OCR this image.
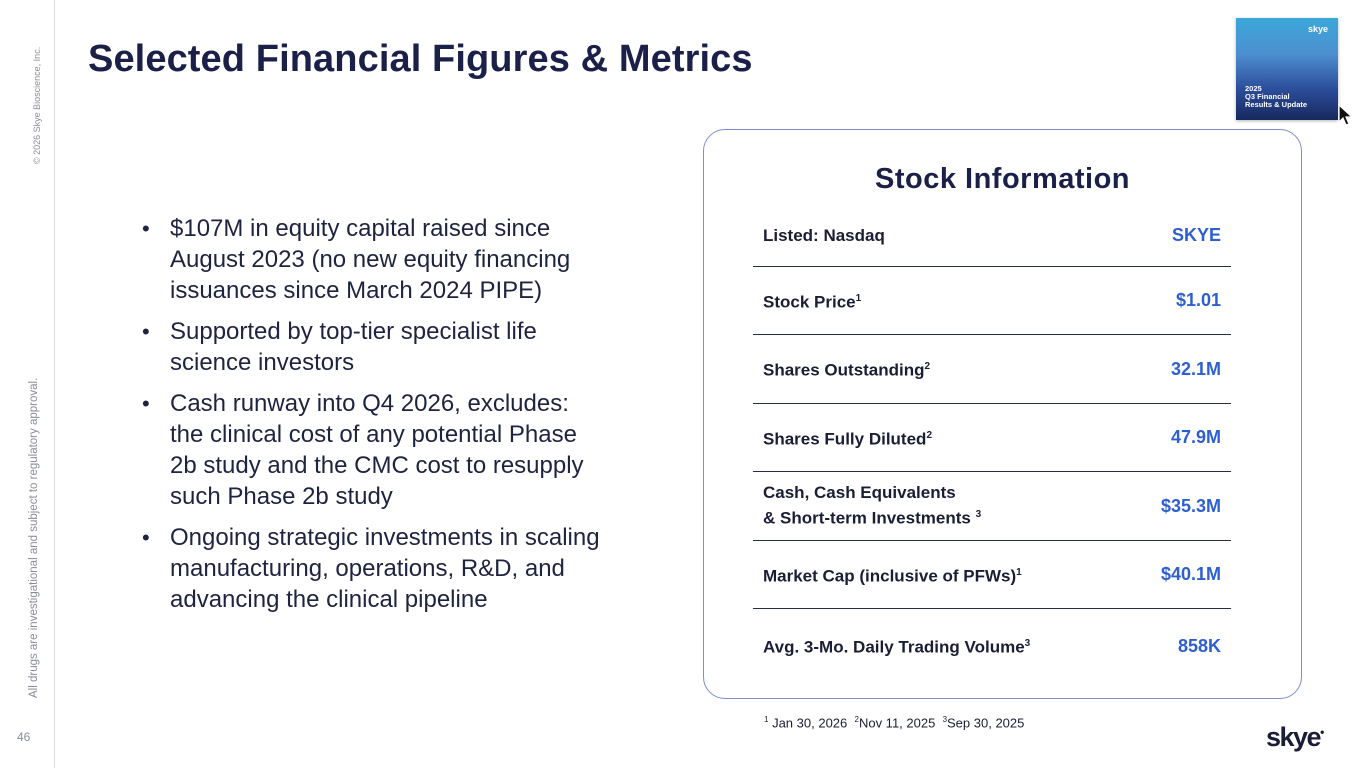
© 2026 Skye Bioscience, Inc.
All drugs are investigational and subject to regulatory approval.
46
Selected Financial Figures & Metrics
• $107M in equity capital raised since August 2023 (no new equity financing issuances since March 2024 PIPE)
• Supported by top-tier specialist life science investors
• Cash runway into Q4 2026, excludes: the clinical cost of any potential Phase 2b study and the CMC cost to resupply such Phase 2b study
• Ongoing strategic investments in scaling manufacturing, operations, R&D, and advancing the clinical pipeline
Stock Information
Listed: Nasdaq	SKYE
Stock Price$^1$	$1.01
Shares Outstanding$^2$	32.1M
Shares Fully Diluted$^2$	47.9M
Cash, Cash Equivalents
& Short-term Investments $^3$	$35.3M
Market Cap (inclusive of PFWs)$^1$	$40.1M
Avg. 3-Mo. Daily Trading Volume$^3$	858K
$^1$ Jan 30, 2026 $^2$Nov 11, 2025 $^3$Sep 30, 2025
skye
2025
Q3 Financial
Results & Update
skye•
